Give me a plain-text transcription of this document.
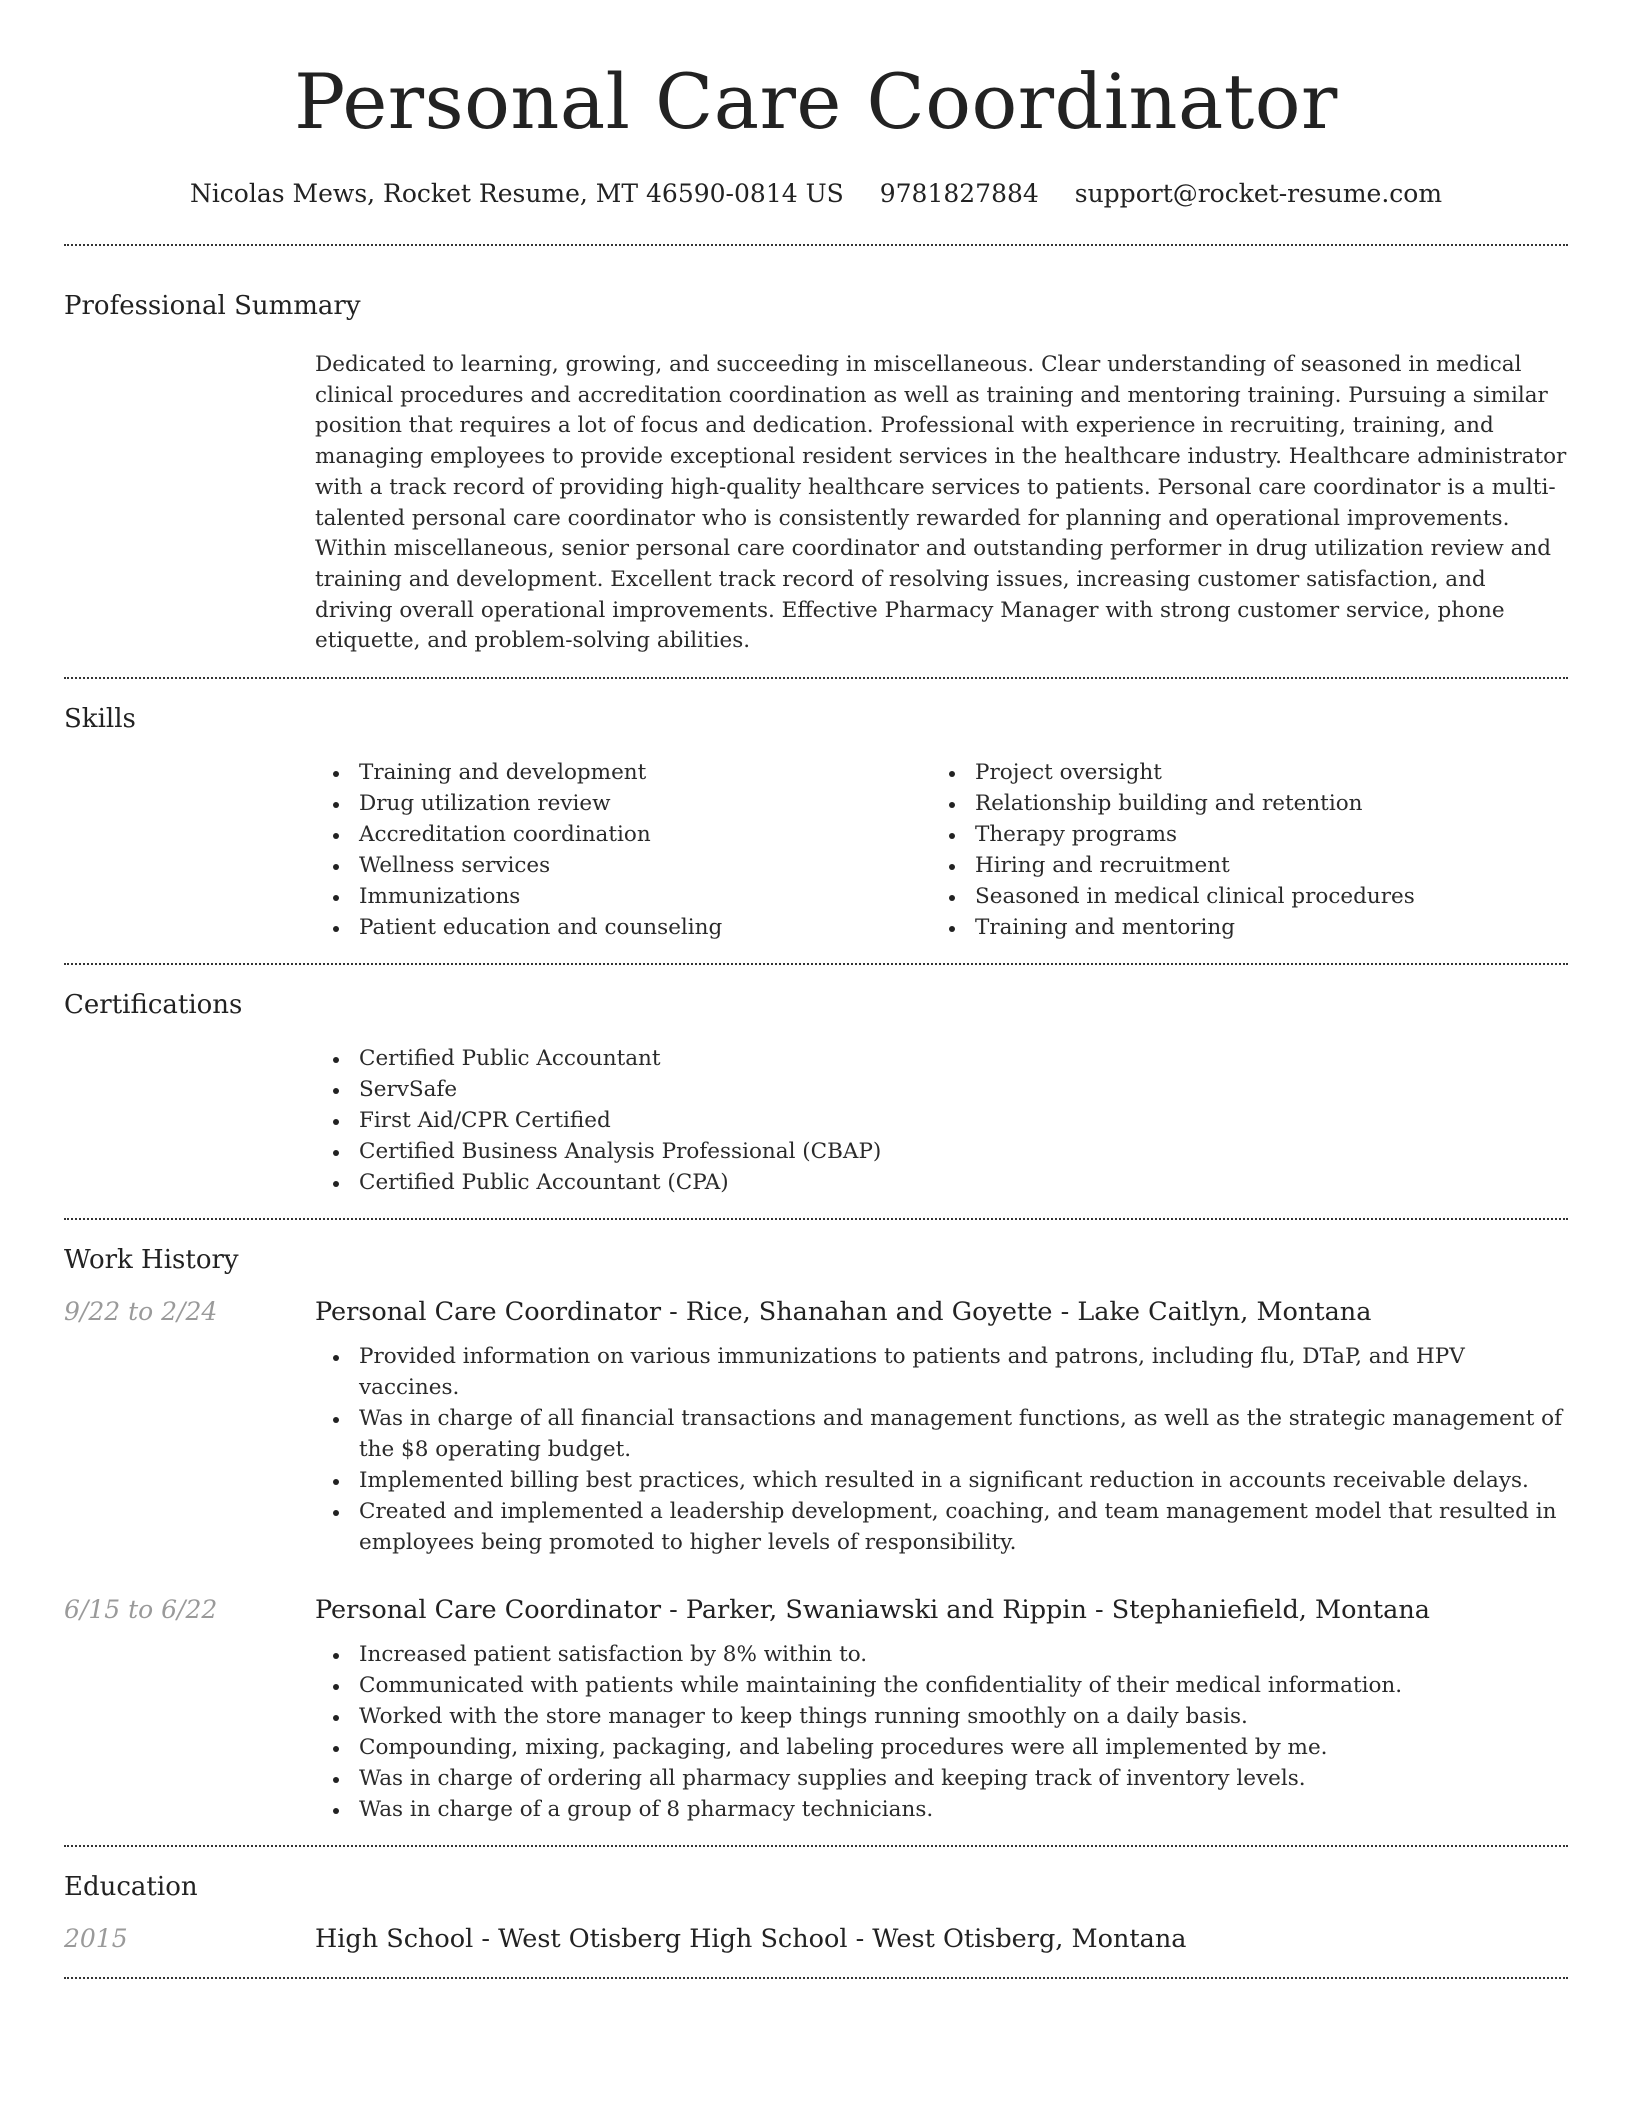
Personal Care Coordinator
Nicolas Mews, Rocket Resume, MT 46590-0814 US 9781827884 support@rocket-resume.com
Professional Summary

Dedicated to learning, growing, and succeeding in miscellaneous. Clear understanding of seasoned in medical clinical procedures and accreditation coordination as well as training and mentoring training. Pursuing a similar position that requires a lot of focus and dedication. Professional with experience in recruiting, training, and managing employees to provide exceptional resident services in the healthcare industry. Healthcare administrator with a track record of providing high-quality healthcare services to patients. Personal care coordinator is a multi-talented personal care coordinator who is consistently rewarded for planning and operational improvements. Within miscellaneous, senior personal care coordinator and outstanding performer in drug utilization review and training and development. Excellent track record of resolving issues, increasing customer satisfaction, and driving overall operational improvements. Effective Pharmacy Manager with strong customer service, phone etiquette, and problem-solving abilities.

Skills
Training and development
Drug utilization review
Accreditation coordination
Wellness services
Immunizations
Patient education and counseling
Project oversight
Relationship building and retention
Therapy programs
Hiring and recruitment
Seasoned in medical clinical procedures
Training and mentoring
Certifications
Certified Public Accountant
ServSafe
First Aid/CPR Certified
Certified Business Analysis Professional (CBAP)
Certified Public Accountant (CPA)
Work History
9/22 to 2/24	Personal Care Coordinator - Rice, Shanahan and Goyette - Lake Caitlyn, Montana
Provided information on various immunizations to patients and patrons, including flu, DTaP, and HPV vaccines.
Was in charge of all financial transactions and management functions, as well as the strategic management of the $8 operating budget.
Implemented billing best practices, which resulted in a significant reduction in accounts receivable delays.
Created and implemented a leadership development, coaching, and team management model that resulted in employees being promoted to higher levels of responsibility.
6/15 to 6/22	Personal Care Coordinator - Parker, Swaniawski and Rippin - Stephaniefield, Montana
Increased patient satisfaction by 8% within to.
Communicated with patients while maintaining the confidentiality of their medical information.
Worked with the store manager to keep things running smoothly on a daily basis.
Compounding, mixing, packaging, and labeling procedures were all implemented by me.
Was in charge of ordering all pharmacy supplies and keeping track of inventory levels.
Was in charge of a group of 8 pharmacy technicians.
Education
2015	High School - West Otisberg High School - West Otisberg, Montana
